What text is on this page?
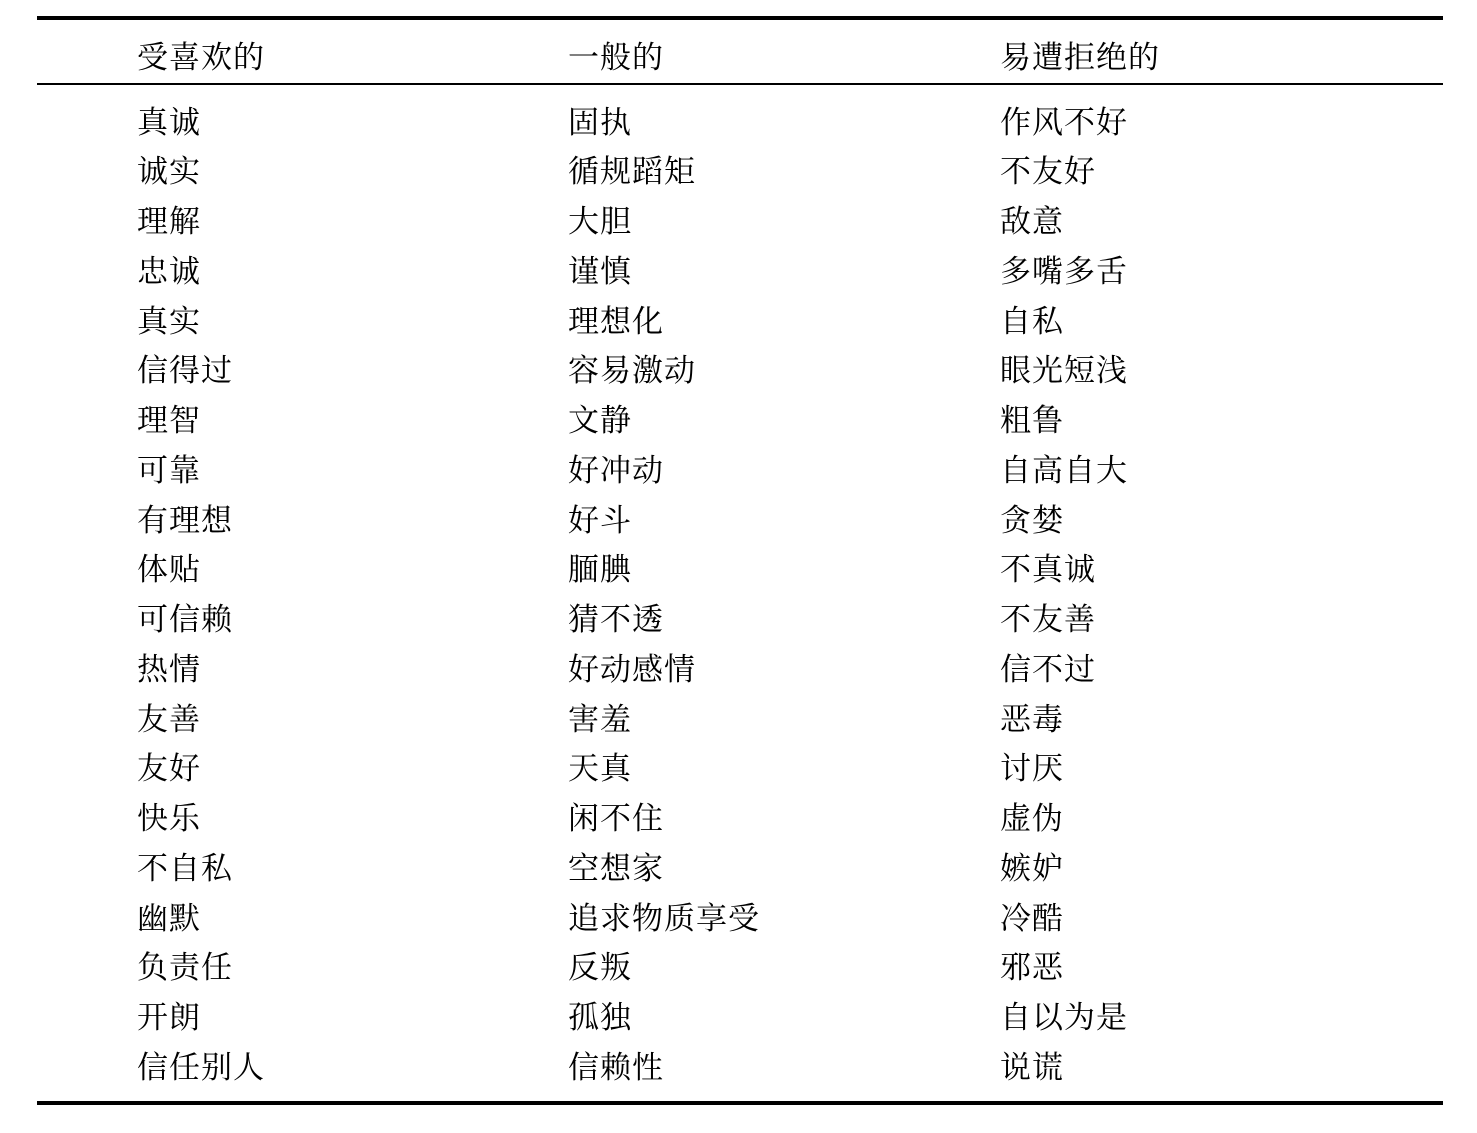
受喜欢的	一般的	易遭拒绝的
真诚	固执	作风不好
诚实	循规蹈矩	不友好
理解	大胆	敌意
忠诚	谨慎	多嘴多舌
真实	理想化	自私
信得过	容易激动	眼光短浅
理智	文静	粗鲁
可靠	好冲动	自高自大
有理想	好斗	贪婪
体贴	腼腆	不真诚
可信赖	猜不透	不友善
热情	好动感情	信不过
友善	害羞	恶毒
友好	天真	讨厌
快乐	闲不住	虚伪
不自私	空想家	嫉妒
幽默	追求物质享受	冷酷
负责任	反叛	邪恶
开朗	孤独	自以为是
信任别人	信赖性	说谎
